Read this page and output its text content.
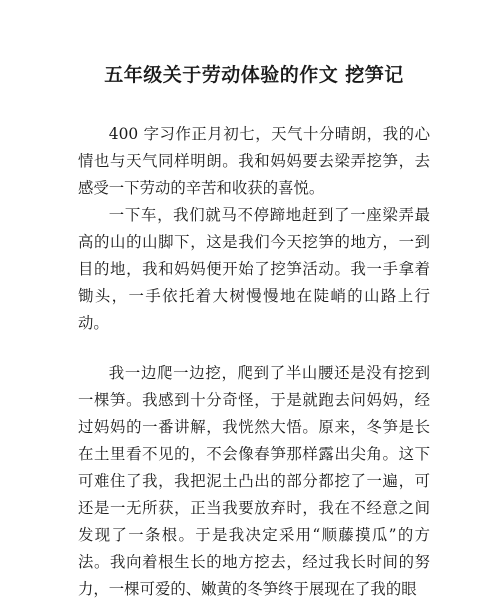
五年级关于劳动体验的作文 挖笋记

400 字习作正月初七，天气十分晴朗，我的心情也与天气同样明朗。我和妈妈要去梁弄挖笋，去感受一下劳动的辛苦和收获的喜悦。

一下车，我们就马不停蹄地赶到了一座梁弄最高的山的山脚下，这是我们今天挖笋的地方，一到目的地，我和妈妈便开始了挖笋活动。我一手拿着锄头，一手依托着大树慢慢地在陡峭的山路上行动。

我一边爬一边挖，爬到了半山腰还是没有挖到一棵笋。我感到十分奇怪，于是就跑去问妈妈，经过妈妈的一番讲解，我恍然大悟。原来，冬笋是长在土里看不见的，不会像春笋那样露出尖角。这下可难住了我，我把泥土凸出的部分都挖了一遍，可还是一无所获，正当我要放弃时，我在不经意之间发现了一条根。于是我决定采用“顺藤摸瓜”的方法。我向着根生长的地方挖去，经过我长时间的努力，一棵可爱的、嫩黄的冬笋终于展现在了我的眼
